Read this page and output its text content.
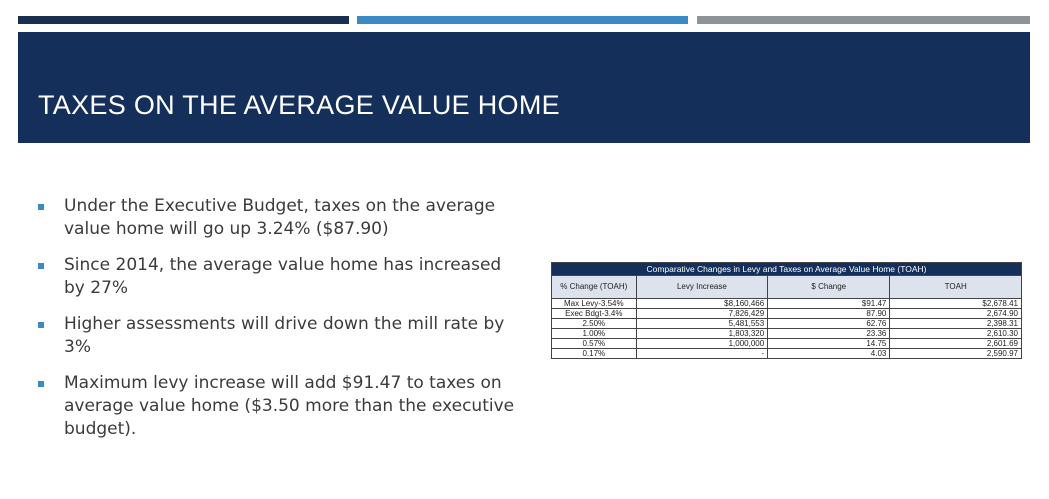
TAXES ON THE AVERAGE VALUE HOME
Under the Executive Budget, taxes on the average value home will go up 3.24% ($87.90)
Since 2014, the average value home has increased by 27%
Higher assessments will drive down the mill rate by 3%
Maximum levy increase will add $91.47 to taxes on average value home ($3.50 more than the executive budget).
Comparative Changes in Levy and Taxes on Average Value Home (TOAH)			
% Change (TOAH)	Levy Increase	$ Change	TOAH
Max Levy-3.54%	$8,160,466	$91.47	$2,678.41
Exec Bdgt-3.4%	7,826,429	87.90	2,674.90
2.50%	5,481,553	62.76	2,398.31
1.00%	1,803,320	23.36	2,610.30
0.57%	1,000,000	14.75	2,601.69
0.17%	-	4.03	2,590.97
